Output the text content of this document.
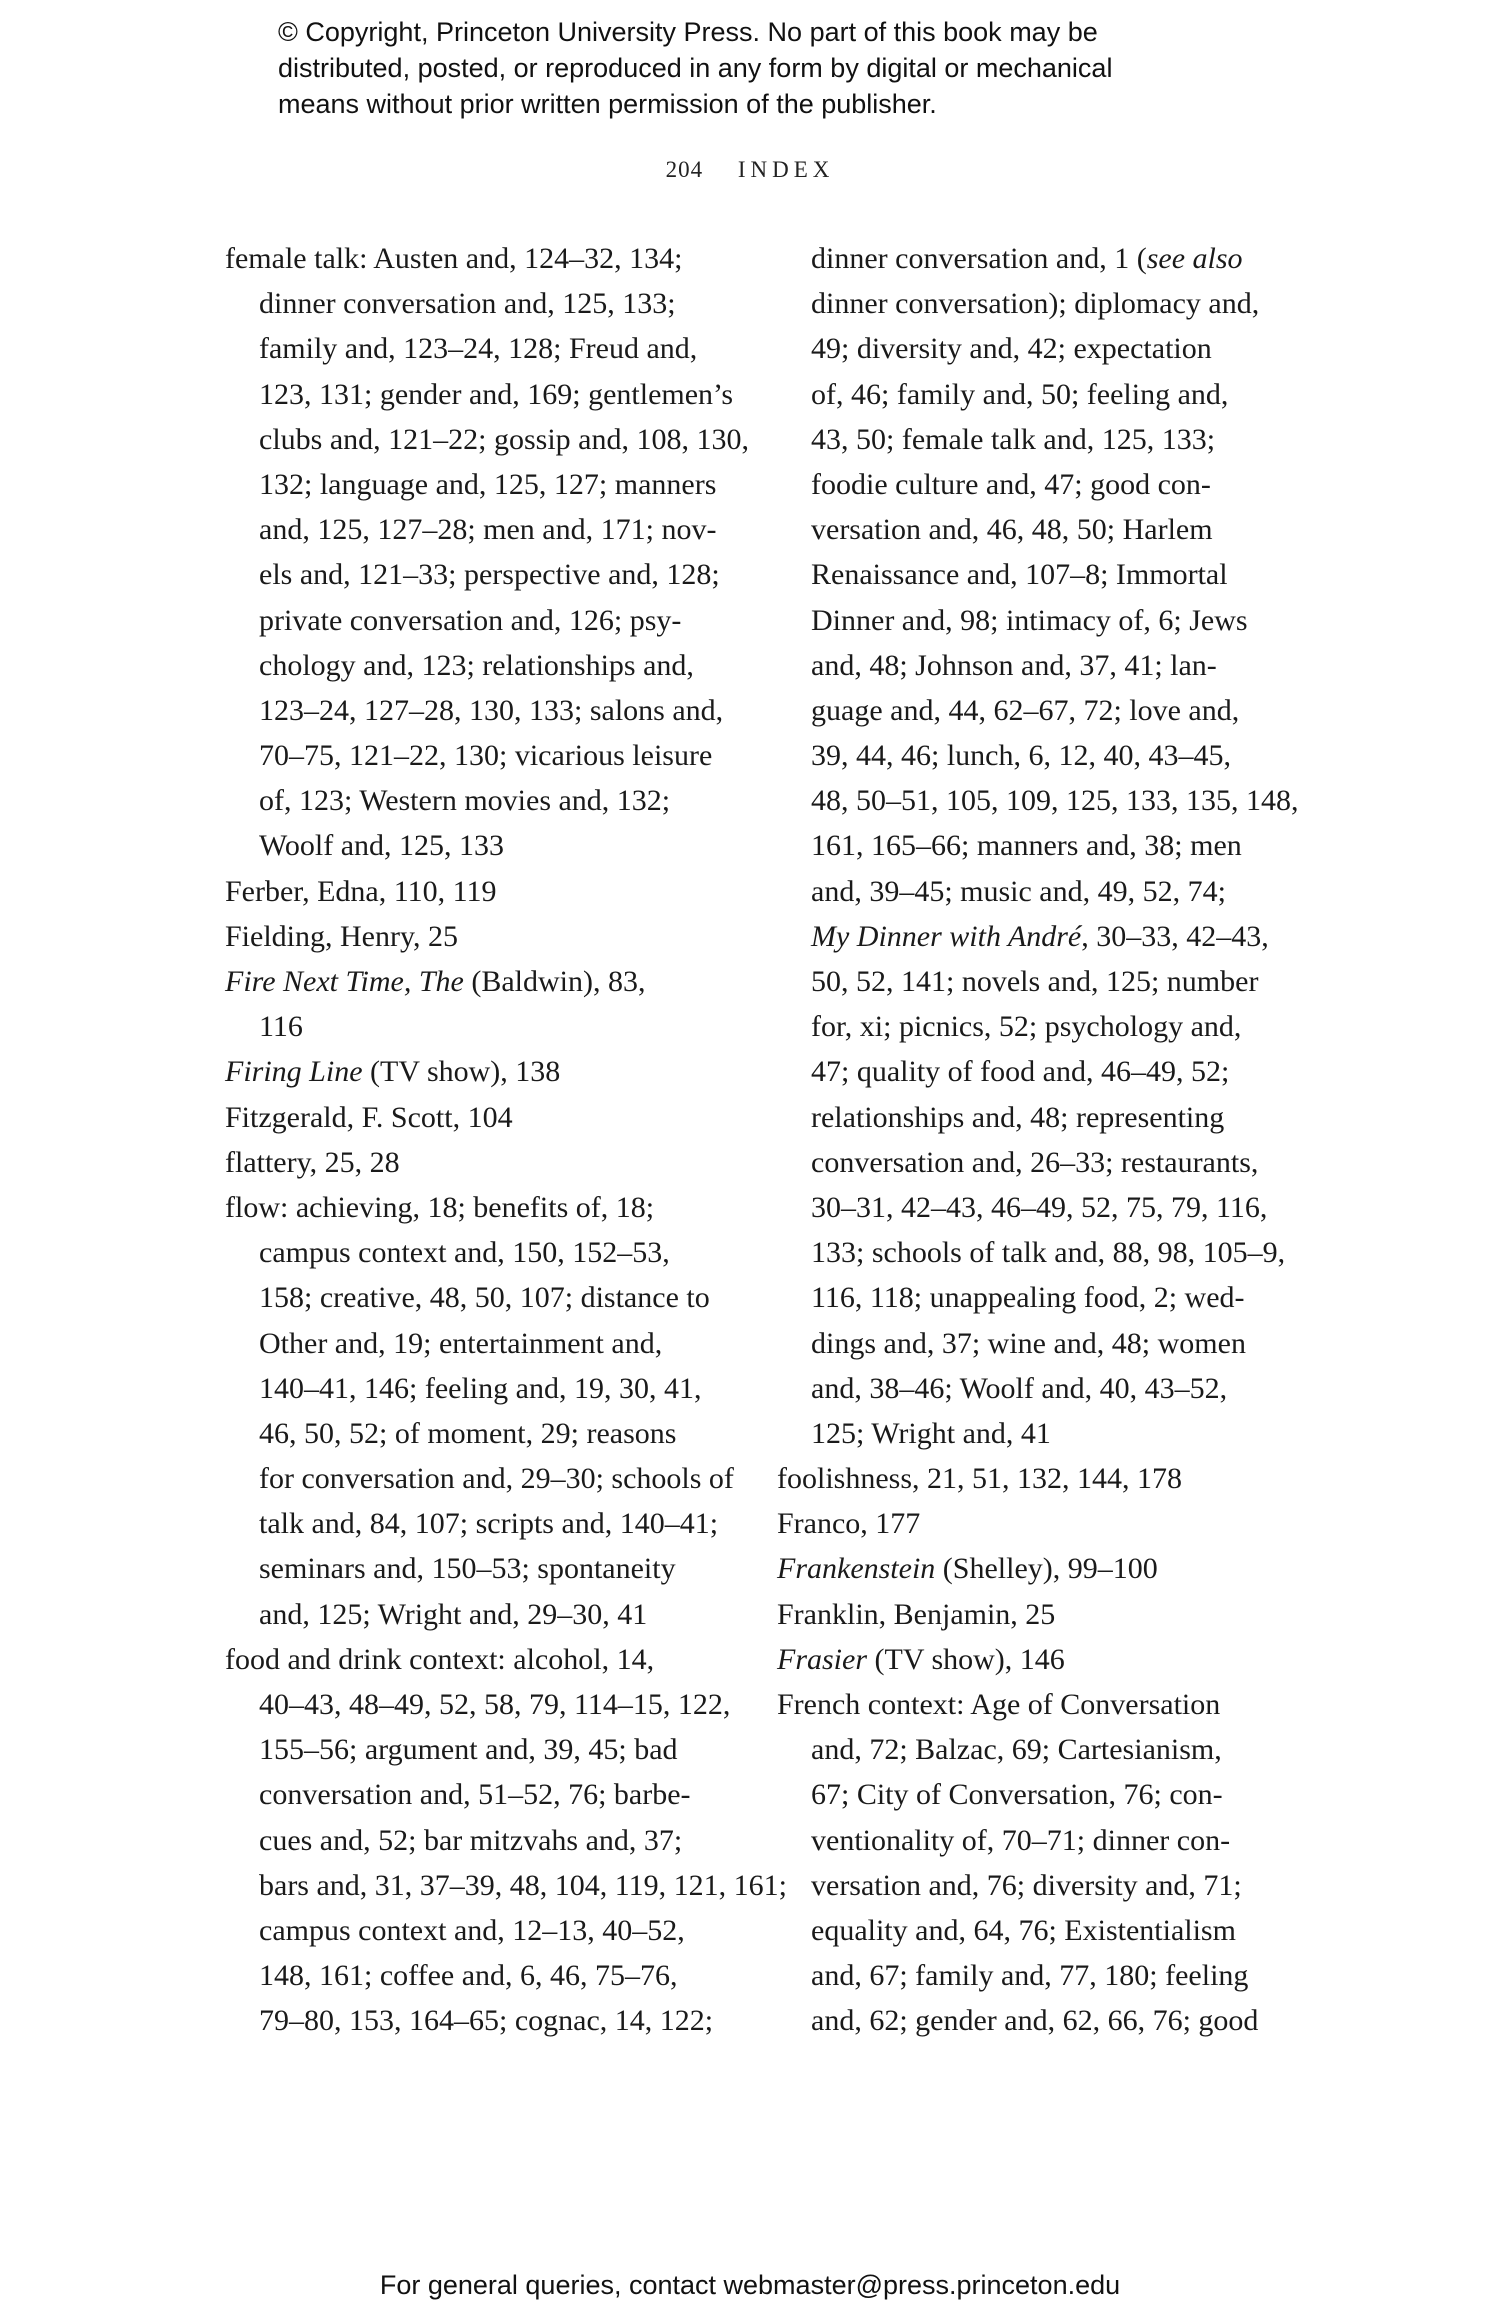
© Copyright, Princeton University Press. No part of this book may be
distributed, posted, or reproduced in any form by digital or mechanical
means without prior written permission of the publisher.
204 INDEX
female talk: Austen and, 124–32, 134;
dinner conversation and, 125, 133;
family and, 123–24, 128; Freud and,
123, 131; gender and, 169; gentlemen’s
clubs and, 121–22; gossip and, 108, 130,
132; language and, 125, 127; manners
and, 125, 127–28; men and, 171; nov-
els and, 121–33; perspective and, 128;
private conversation and, 126; psy-
chology and, 123; relationships and,
123–24, 127–28, 130, 133; salons and,
70–75, 121–22, 130; vicarious leisure
of, 123; Western movies and, 132;
Woolf and, 125, 133
Ferber, Edna, 110, 119
Fielding, Henry, 25
Fire Next Time, The (Baldwin), 83,
116
Firing Line (TV show), 138
Fitzgerald, F. Scott, 104
flattery, 25, 28
flow: achieving, 18; benefits of, 18;
campus context and, 150, 152–53,
158; creative, 48, 50, 107; distance to
Other and, 19; entertainment and,
140–41, 146; feeling and, 19, 30, 41,
46, 50, 52; of moment, 29; reasons
for conversation and, 29–30; schools of
talk and, 84, 107; scripts and, 140–41;
seminars and, 150–53; spontaneity
and, 125; Wright and, 29–30, 41
food and drink context: alcohol, 14,
40–43, 48–49, 52, 58, 79, 114–15, 122,
155–56; argument and, 39, 45; bad
conversation and, 51–52, 76; barbe-
cues and, 52; bar mitzvahs and, 37;
bars and, 31, 37–39, 48, 104, 119, 121, 161;
campus context and, 12–13, 40–52,
148, 161; coffee and, 6, 46, 75–76,
79–80, 153, 164–65; cognac, 14, 122;
dinner conversation and, 1 (see also
dinner conversation); diplomacy and,
49; diversity and, 42; expectation
of, 46; family and, 50; feeling and,
43, 50; female talk and, 125, 133;
foodie culture and, 47; good con-
versation and, 46, 48, 50; Harlem
Renaissance and, 107–8; Immortal
Dinner and, 98; intimacy of, 6; Jews
and, 48; Johnson and, 37, 41; lan-
guage and, 44, 62–67, 72; love and,
39, 44, 46; lunch, 6, 12, 40, 43–45,
48, 50–51, 105, 109, 125, 133, 135, 148,
161, 165–66; manners and, 38; men
and, 39–45; music and, 49, 52, 74;
My Dinner with André, 30–33, 42–43,
50, 52, 141; novels and, 125; number
for, xi; picnics, 52; psychology and,
47; quality of food and, 46–49, 52;
relationships and, 48; representing
conversation and, 26–33; restaurants,
30–31, 42–43, 46–49, 52, 75, 79, 116,
133; schools of talk and, 88, 98, 105–9,
116, 118; unappealing food, 2; wed-
dings and, 37; wine and, 48; women
and, 38–46; Woolf and, 40, 43–52,
125; Wright and, 41
foolishness, 21, 51, 132, 144, 178
Franco, 177
Frankenstein (Shelley), 99–100
Franklin, Benjamin, 25
Frasier (TV show), 146
French context: Age of Conversation
and, 72; Balzac, 69; Cartesianism,
67; City of Conversation, 76; con-
ventionality of, 70–71; dinner con-
versation and, 76; diversity and, 71;
equality and, 64, 76; Existentialism
and, 67; family and, 77, 180; feeling
and, 62; gender and, 62, 66, 76; good
For general queries, contact webmaster@press.princeton.edu
